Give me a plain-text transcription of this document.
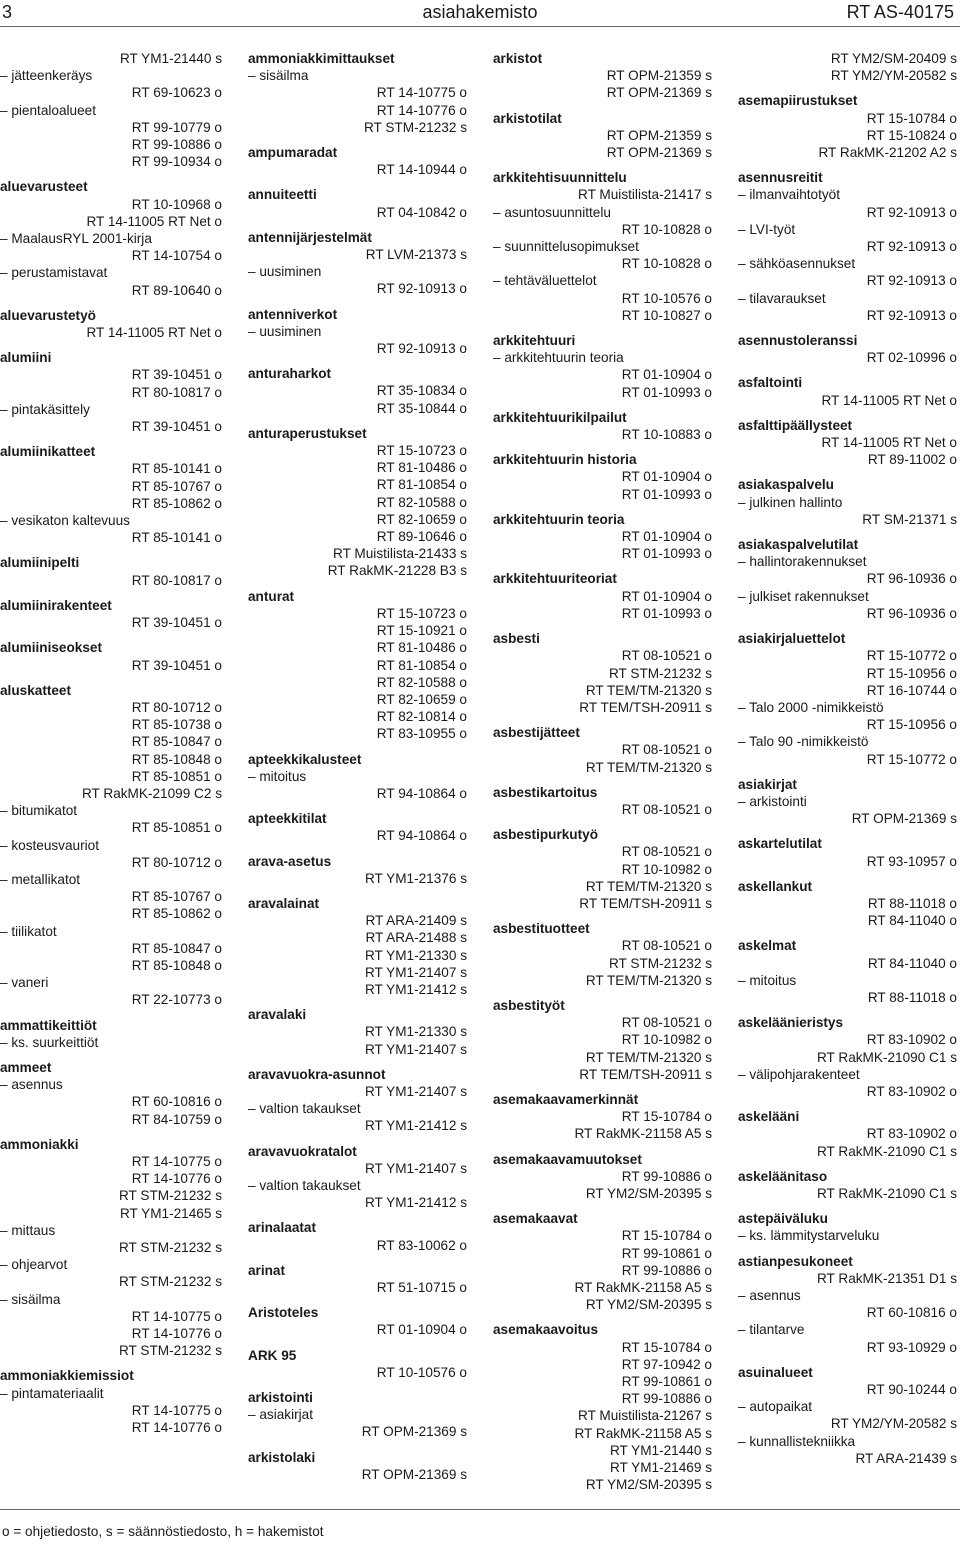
3	asiahakemisto	RT AS-40175
RT YM1-21440 s
– jätteenkeräys
RT 69-10623 o
– pientaloalueet
RT 99-10779 o
RT 99-10886 o
RT 99-10934 o
aluevarusteet
RT 10-10968 o
RT 14-11005 RT Net o
– MaalausRYL 2001-kirja
RT 14-10754 o
– perustamistavat
RT 89-10640 o
aluevarustetyö
RT 14-11005 RT Net o
alumiini
RT 39-10451 o
RT 80-10817 o
– pintakäsittely
RT 39-10451 o
alumiinikatteet
RT 85-10141 o
RT 85-10767 o
RT 85-10862 o
– vesikaton kaltevuus
RT 85-10141 o
alumiinipelti
RT 80-10817 o
alumiinirakenteet
RT 39-10451 o
alumiiniseokset
RT 39-10451 o
aluskatteet
RT 80-10712 o
RT 85-10738 o
RT 85-10847 o
RT 85-10848 o
RT 85-10851 o
RT RakMK-21099 C2 s
– bitumikatot
RT 85-10851 o
– kosteusvauriot
RT 80-10712 o
– metallikatot
RT 85-10767 o
RT 85-10862 o
– tiilikatot
RT 85-10847 o
RT 85-10848 o
– vaneri
RT 22-10773 o
ammattikeittiöt
– ks. suurkeittiöt
ammeet
– asennus
RT 60-10816 o
RT 84-10759 o
ammoniakki
RT 14-10775 o
RT 14-10776 o
RT STM-21232 s
RT YM1-21465 s
– mittaus
RT STM-21232 s
– ohjearvot
RT STM-21232 s
– sisäilma
RT 14-10775 o
RT 14-10776 o
RT STM-21232 s
ammoniakkiemissiot
– pintamateriaalit
RT 14-10775 o
RT 14-10776 o
ammoniakkimittaukset
– sisäilma
RT 14-10775 o
RT 14-10776 o
RT STM-21232 s
ampumaradat
RT 14-10944 o
annuiteetti
RT 04-10842 o
antennijärjestelmät
RT LVM-21373 s
– uusiminen
RT 92-10913 o
antenniverkot
– uusiminen
RT 92-10913 o
anturaharkot
RT 35-10834 o
RT 35-10844 o
anturaperustukset
RT 15-10723 o
RT 81-10486 o
RT 81-10854 o
RT 82-10588 o
RT 82-10659 o
RT 89-10646 o
RT Muistilista-21433 s
RT RakMK-21228 B3 s
anturat
RT 15-10723 o
RT 15-10921 o
RT 81-10486 o
RT 81-10854 o
RT 82-10588 o
RT 82-10659 o
RT 82-10814 o
RT 83-10955 o
apteekkikalusteet
– mitoitus
RT 94-10864 o
apteekkitilat
RT 94-10864 o
arava-asetus
RT YM1-21376 s
aravalainat
RT ARA-21409 s
RT ARA-21488 s
RT YM1-21330 s
RT YM1-21407 s
RT YM1-21412 s
aravalaki
RT YM1-21330 s
RT YM1-21407 s
aravavuokra-asunnot
RT YM1-21407 s
– valtion takaukset
RT YM1-21412 s
aravavuokratalot
RT YM1-21407 s
– valtion takaukset
RT YM1-21412 s
arinalaatat
RT 83-10062 o
arinat
RT 51-10715 o
Aristoteles
RT 01-10904 o
ARK 95
RT 10-10576 o
arkistointi
– asiakirjat
RT OPM-21369 s
arkistolaki
RT OPM-21369 s
arkistot
RT OPM-21359 s
RT OPM-21369 s
arkistotilat
RT OPM-21359 s
RT OPM-21369 s
arkkitehtisuunnittelu
RT Muistilista-21417 s
– asuntosuunnittelu
RT 10-10828 o
– suunnittelusopimukset
RT 10-10828 o
– tehtäväluettelot
RT 10-10576 o
RT 10-10827 o
arkkitehtuuri
– arkkitehtuurin teoria
RT 01-10904 o
RT 01-10993 o
arkkitehtuurikilpailut
RT 10-10883 o
arkkitehtuurin historia
RT 01-10904 o
RT 01-10993 o
arkkitehtuurin teoria
RT 01-10904 o
RT 01-10993 o
arkkitehtuuriteoriat
RT 01-10904 o
RT 01-10993 o
asbesti
RT 08-10521 o
RT STM-21232 s
RT TEM/TM-21320 s
RT TEM/TSH-20911 s
asbestijätteet
RT 08-10521 o
RT TEM/TM-21320 s
asbestikartoitus
RT 08-10521 o
asbestipurkutyö
RT 08-10521 o
RT 10-10982 o
RT TEM/TM-21320 s
RT TEM/TSH-20911 s
asbestituotteet
RT 08-10521 o
RT STM-21232 s
RT TEM/TM-21320 s
asbestityöt
RT 08-10521 o
RT 10-10982 o
RT TEM/TM-21320 s
RT TEM/TSH-20911 s
asemakaavamerkinnät
RT 15-10784 o
RT RakMK-21158 A5 s
asemakaavamuutokset
RT 99-10886 o
RT YM2/SM-20395 s
asemakaavat
RT 15-10784 o
RT 99-10861 o
RT 99-10886 o
RT RakMK-21158 A5 s
RT YM2/SM-20395 s
asemakaavoitus
RT 15-10784 o
RT 97-10942 o
RT 99-10861 o
RT 99-10886 o
RT Muistilista-21267 s
RT RakMK-21158 A5 s
RT YM1-21440 s
RT YM1-21469 s
RT YM2/SM-20395 s
RT YM2/SM-20409 s
RT YM2/YM-20582 s
asemapiirustukset
RT 15-10784 o
RT 15-10824 o
RT RakMK-21202 A2 s
asennusreitit
– ilmanvaihtotyöt
RT 92-10913 o
– LVI-työt
RT 92-10913 o
– sähköasennukset
RT 92-10913 o
– tilavaraukset
RT 92-10913 o
asennustoleranssi
RT 02-10996 o
asfaltointi
RT 14-11005 RT Net o
asfalttipäällysteet
RT 14-11005 RT Net o
RT 89-11002 o
asiakaspalvelu
– julkinen hallinto
RT SM-21371 s
asiakaspalvelutilat
– hallintorakennukset
RT 96-10936 o
– julkiset rakennukset
RT 96-10936 o
asiakirjaluettelot
RT 15-10772 o
RT 15-10956 o
RT 16-10744 o
– Talo 2000 -nimikkeistö
RT 15-10956 o
– Talo 90 -nimikkeistö
RT 15-10772 o
asiakirjat
– arkistointi
RT OPM-21369 s
askartelutilat
RT 93-10957 o
askellankut
RT 88-11018 o
RT 84-11040 o
askelmat
RT 84-11040 o
– mitoitus
RT 88-11018 o
askeläänieristys
RT 83-10902 o
RT RakMK-21090 C1 s
– välipohjarakenteet
RT 83-10902 o
askelääni
RT 83-10902 o
RT RakMK-21090 C1 s
askeläänitaso
RT RakMK-21090 C1 s
astepäiväluku
– ks. lämmitystarveluku
astianpesukoneet
RT RakMK-21351 D1 s
– asennus
RT 60-10816 o
– tilantarve
RT 93-10929 o
asuinalueet
RT 90-10244 o
– autopaikat
RT YM2/YM-20582 s
– kunnallistekniikka
RT ARA-21439 s
o = ohjetiedosto, s = säännöstiedosto, h = hakemistot
